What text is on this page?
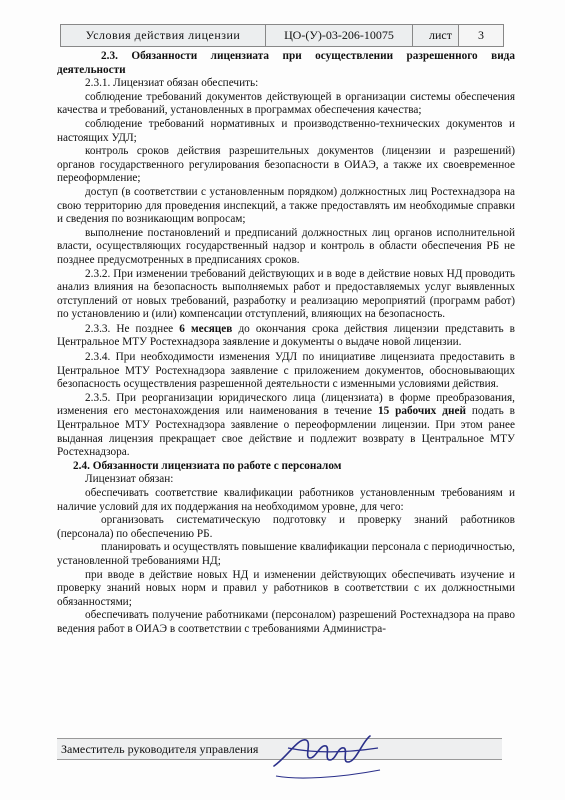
Условия действия лицензии	ЦО-(У)-03-206-10075	лист	3

2.3. Обязанности лицензиата при осуществлении разрешенного вида деятельности

2.3.1. Лицензиат обязан обеспечить:

соблюдение требований документов действующей в организации системы обеспечения качества и требований, установленных в программах обеспечения качества;

соблюдение требований нормативных и производственно-технических документов и настоящих УДЛ;

контроль сроков действия разрешительных документов (лицензии и разрешений) органов государственного регулирования безопасности в ОИАЭ, а также их своевременное переоформление;

доступ (в соответствии с установленным порядком) должностных лиц Ростехнадзора на свою территорию для проведения инспекций, а также предоставлять им необходимые справки и сведения по возникающим вопросам;

выполнение постановлений и предписаний должностных лиц органов исполнительной власти, осуществляющих государственный надзор и контроль в области обеспечения РБ не позднее предусмотренных в предписаниях сроков.

2.3.2. При изменении требований действующих и в воде в действие новых НД проводить анализ влияния на безопасность выполняемых работ и предоставляемых услуг выявленных отступлений от новых требований, разработку и реализацию мероприятий (программ работ) по установлению и (или) компенсации отступлений, влияющих на безопасность.

2.3.3. Не позднее 6 месяцев до окончания срока действия лицензии представить в Центральное МТУ Ростехнадзора заявление и документы о выдаче новой лицензии.

2.3.4. При необходимости изменения УДЛ по инициативе лицензиата предоставить в Центральное МТУ Ростехнадзора заявление с приложением документов, обосновывающих безопасность осуществления разрешенной деятельности с изменными условиями действия.

2.3.5. При реорганизации юридического лица (лицензиата) в форме преобразования, изменения его местонахождения или наименования в течение 15 рабочих дней подать в Центральное МТУ Ростехнадзора заявление о переоформлении лицензии. При этом ранее выданная лицензия прекращает свое действие и подлежит возврату в Центральное МТУ Ростехнадзора.

2.4. Обязанности лицензиата по работе с персоналом

Лицензиат обязан:

обеспечивать соответствие квалификации работников установленным требованиям и наличие условий для их поддержания на необходимом уровне, для чего:

организовать систематическую подготовку и проверку знаний работников (персонала) по обеспечению РБ.

планировать и осуществлять повышение квалификации персонала с периодичностью, установленной требованиями НД;

при вводе в действие новых НД и изменении действующих обеспечивать изучение и проверку знаний новых норм и правил у работников в соответствии с их должностными обязанностями;

обеспечивать получение работниками (персоналом) разрешений Ростехнадзора на право ведения работ в ОИАЭ в соответствии с требованиями Администра-

Заместитель руководителя управления
